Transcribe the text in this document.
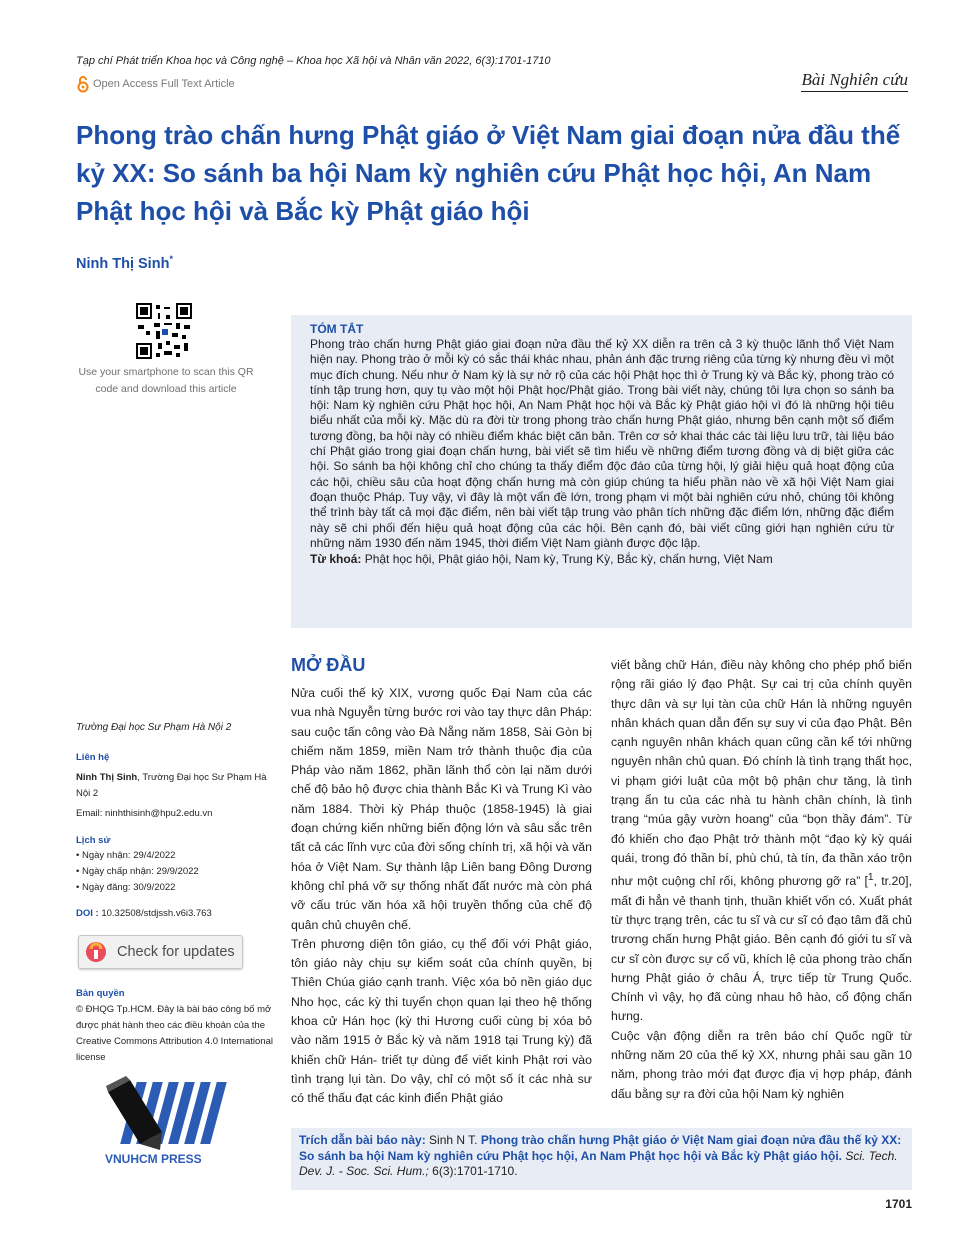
Tạp chí Phát triển Khoa học và Công nghệ – Khoa học Xã hội và Nhân văn 2022, 6(3):1701-1710
Open Access Full Text Article	Bài Nghiên cứu
Phong trào chấn hưng Phật giáo ở Việt Nam giai đoạn nửa đầu thế kỷ XX: So sánh ba hội Nam kỳ nghiên cứu Phật học hội, An Nam Phật học hội và Bắc kỳ Phật giáo hội
Ninh Thị Sinh*
Use your smartphone to scan this QR code and download this article
TÓM TẮT
Phong trào chấn hưng Phật giáo giai đoạn nửa đầu thế kỷ XX diễn ra trên cả 3 kỳ thuộc lãnh thổ Việt Nam hiện nay. Phong trào ở mỗi kỳ có sắc thái khác nhau, phản ánh đặc trưng riêng của từng kỳ nhưng đều vì một mục đích chung. Nếu như ở Nam kỳ là sự nở rộ của các hội Phật học thì ở Trung kỳ và Bắc kỳ, phong trào có tính tập trung hơn, quy tụ vào một hội Phật học/Phật giáo. Trong bài viết này, chúng tôi lựa chọn so sánh ba hội: Nam kỳ nghiên cứu Phật học hội, An Nam Phật học hội và Bắc kỳ Phật giáo hội vì đó là những hội tiêu biểu nhất của mỗi kỳ. Mặc dù ra đời từ trong phong trào chấn hưng Phật giáo, nhưng bên cạnh một số điểm tương đồng, ba hội này có nhiều điểm khác biệt căn bản. Trên cơ sở khai thác các tài liệu lưu trữ, tài liệu báo chí Phật giáo trong giai đoạn chấn hưng, bài viết sẽ tìm hiểu về những điểm tương đồng và dị biệt giữa các hội. So sánh ba hội không chỉ cho chúng ta thấy điểm độc đáo của từng hội, lý giải hiệu quả hoạt động của các hội, chiều sâu của hoạt động chấn hưng mà còn giúp chúng ta hiểu phần nào về xã hội Việt Nam giai đoạn thuộc Pháp. Tuy vậy, vì đây là một vấn đề lớn, trong phạm vi một bài nghiên cứu nhỏ, chúng tôi không thể trình bày tất cả mọi đặc điểm, nên bài viết tập trung vào phân tích những đặc điểm lớn, những đặc điểm này sẽ chi phối đến hiệu quả hoạt động của các hội. Bên cạnh đó, bài viết cũng giới hạn nghiên cứu từ những năm 1930 đến năm 1945, thời điểm Việt Nam giành được độc lập.
Từ khoá: Phật học hội, Phật giáo hội, Nam kỳ, Trung Kỳ, Bắc kỳ, chấn hưng, Việt Nam
Trường Đại học Sư Phạm Hà Nội 2
Liên hệ
Ninh Thị Sinh, Trường Đại học Sư Phạm Hà Nội 2
Email: ninhthisinh@hpu2.edu.vn
Lịch sử
• Ngày nhận: 29/4/2022
• Ngày chấp nhận: 29/9/2022
• Ngày đăng: 30/9/2022
DOI : 10.32508/stdjssh.v6i3.763
Check for updates
Bản quyền
© ĐHQG Tp.HCM. Đây là bài báo công bố mở được phát hành theo các điều khoản của the Creative Commons Attribution 4.0 International license
VNUHCM PRESS
MỞ ĐẦU

Nửa cuối thế kỷ XIX, vương quốc Đại Nam của các vua nhà Nguyễn từng bước rơi vào tay thực dân Pháp: sau cuộc tấn công vào Đà Nẵng năm 1858, Sài Gòn bị chiếm năm 1859, miền Nam trở thành thuộc địa của Pháp vào năm 1862, phần lãnh thổ còn lại năm dưới chế độ bảo hộ được chia thành Bắc Kì và Trung Kì vào năm 1884. Thời kỳ Pháp thuộc (1858-1945) là giai đoạn chứng kiến những biến động lớn và sâu sắc trên tất cả các lĩnh vực của đời sống chính trị, xã hội và văn hóa ở Việt Nam. Sự thành lập Liên bang Đông Dương không chỉ phá vỡ sự thống nhất đất nước mà còn phá vỡ cấu trúc văn hóa xã hội truyền thống của chế độ quân chủ chuyên chế.

Trên phương diện tôn giáo, cụ thể đối với Phật giáo, tôn giáo này chịu sự kiểm soát của chính quyền, bị Thiên Chúa giáo cạnh tranh. Việc xóa bỏ nền giáo dục Nho học, các kỳ thi tuyển chọn quan lại theo hệ thống khoa cử Hán học (kỳ thi Hương cuối cùng bị xóa bỏ vào năm 1915 ở Bắc kỳ và năm 1918 tại Trung kỳ) đã khiến chữ Hán- triết tự dùng để viết kinh Phật rơi vào tình trạng lụi tàn. Do vậy, chỉ có một số ít các nhà sư có thể thấu đạt các kinh điển Phật giáo

viết bằng chữ Hán, điều này không cho phép phổ biến rộng rãi giáo lý đạo Phật. Sự cai trị của chính quyền thực dân và sự lụi tàn của chữ Hán là những nguyên nhân khách quan dẫn đến sự suy vi của đạo Phật. Bên cạnh nguyên nhân khách quan cũng cần kể tới những nguyên nhân chủ quan. Đó chính là tình trạng thất học, vi phạm giới luật của một bộ phận chư tăng, là tình trạng ẩn tu của các nhà tu hành chân chính, là tình trạng “múa gậy vườn hoang” của “bọn thầy đám”. Từ đó khiến cho đạo Phật trở thành một “đạo kỳ kỳ quái quái, trong đó thần bí, phù chú, tà tín, đa thần xáo trộn như một cuộng chỉ rối, không phương gỡ ra” [$^1$, tr.20], mất đi hẳn vẻ thanh tịnh, thuần khiết vốn có. Xuất phát từ thực trạng trên, các tu sĩ và cư sĩ có đạo tâm đã chủ trương chấn hưng Phật giáo. Bên cạnh đó giới tu sĩ và cư sĩ còn được sự cổ vũ, khích lệ của phong trào chấn hưng Phật giáo ở châu Á, trực tiếp từ Trung Quốc. Chính vì vậy, họ đã cùng nhau hô hào, cổ động chấn hưng.

Cuộc vận động diễn ra trên báo chí Quốc ngữ từ những năm 20 của thế kỷ XX, nhưng phải sau gần 10 năm, phong trào mới đạt được địa vị hợp pháp, đánh dấu bằng sự ra đời của hội Nam kỳ nghiên

Trích dẫn bài báo này: Sinh N T. Phong trào chấn hưng Phật giáo ở Việt Nam giai đoạn nửa đầu thế kỷ XX: So sánh ba hội Nam kỳ nghiên cứu Phật học hội, An Nam Phật học hội và Bắc kỳ Phật giáo hội. Sci. Tech. Dev. J. - Soc. Sci. Hum.; 6(3):1701-1710.
1701
